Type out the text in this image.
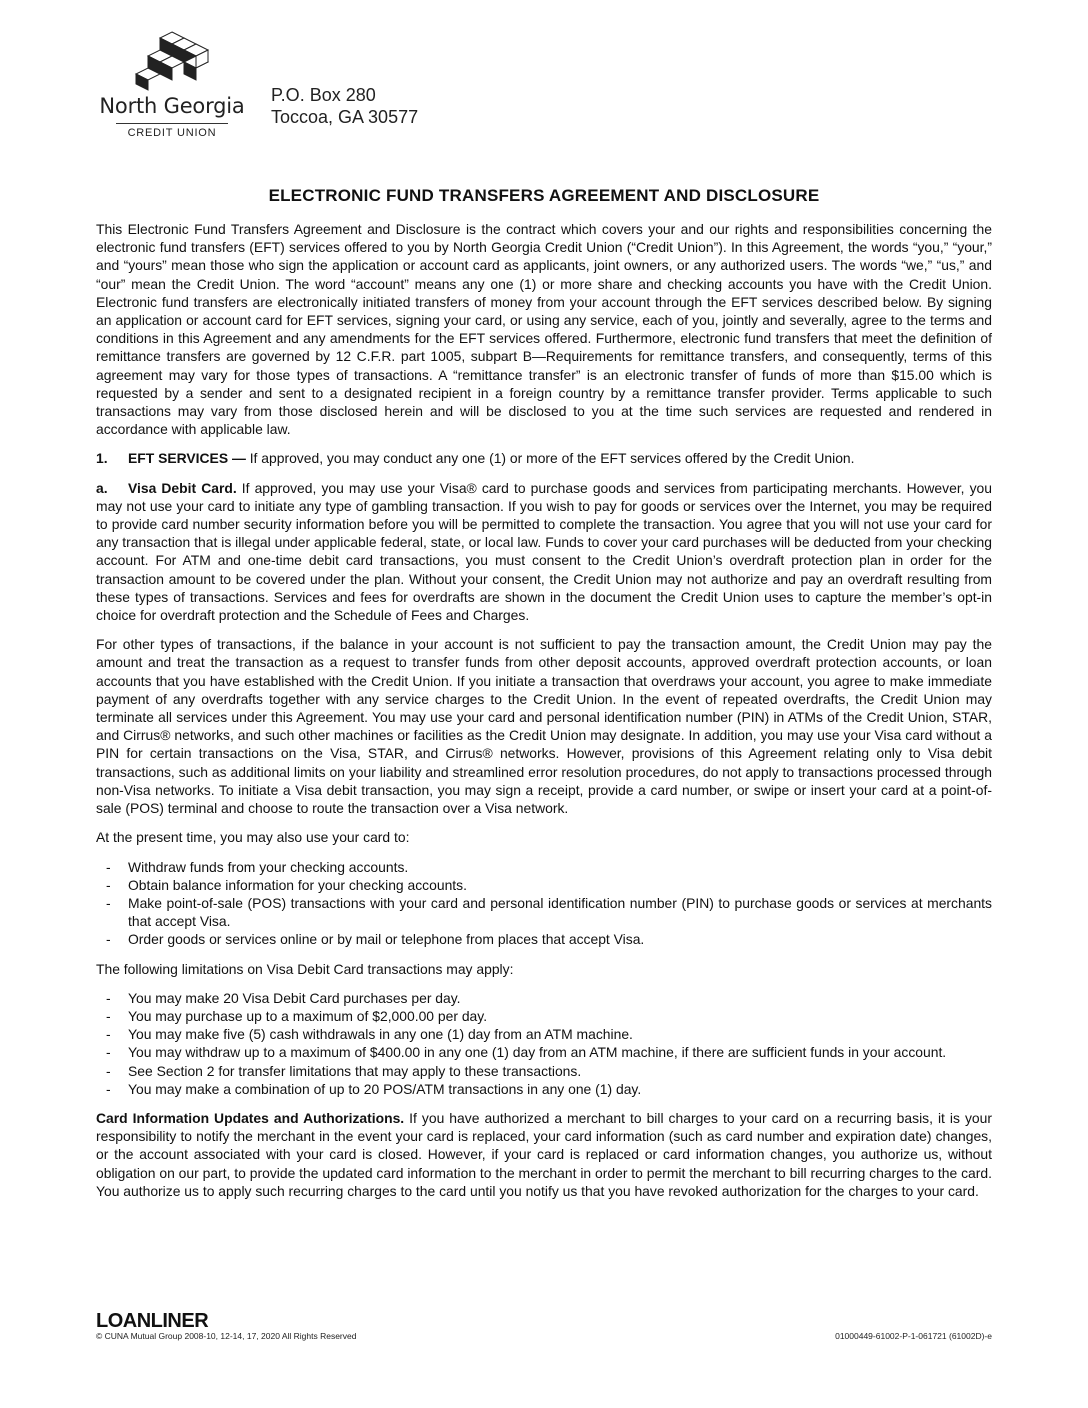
North Georgia
CREDIT UNION
P.O. Box 280
Toccoa, GA 30577
ELECTRONIC FUND TRANSFERS AGREEMENT AND DISCLOSURE

This Electronic Fund Transfers Agreement and Disclosure is the contract which covers your and our rights and responsibilities concerning the electronic fund transfers (EFT) services offered to you by North Georgia Credit Union (“Credit Union”). In this Agreement, the words “you,” “your,” and “yours” mean those who sign the application or account card as applicants, joint owners, or any authorized users. The words “we,” “us,” and “our” mean the Credit Union. The word “account” means any one (1) or more share and checking accounts you have with the Credit Union. Electronic fund transfers are electronically initiated transfers of money from your account through the EFT services described below. By signing an application or account card for EFT services, signing your card, or using any service, each of you, jointly and severally, agree to the terms and conditions in this Agreement and any amendments for the EFT services offered. Furthermore, electronic fund transfers that meet the definition of remittance transfers are governed by 12 C.F.R. part 1005, subpart B—Requirements for remittance transfers, and consequently, terms of this agreement may vary for those types of transactions. A “remittance transfer” is an electronic transfer of funds of more than $15.00 which is requested by a sender and sent to a designated recipient in a foreign country by a remittance transfer provider. Terms applicable to such transactions may vary from those disclosed herein and will be disclosed to you at the time such services are requested and rendered in accordance with applicable law.

1. EFT SERVICES — If approved, you may conduct any one (1) or more of the EFT services offered by the Credit Union.

a. Visa Debit Card. If approved, you may use your Visa® card to purchase goods and services from participating merchants. However, you may not use your card to initiate any type of gambling transaction. If you wish to pay for goods or services over the Internet, you may be required to provide card number security information before you will be permitted to complete the transaction. You agree that you will not use your card for any transaction that is illegal under applicable federal, state, or local law. Funds to cover your card purchases will be deducted from your checking account. For ATM and one-time debit card transactions, you must consent to the Credit Union’s overdraft protection plan in order for the transaction amount to be covered under the plan. Without your consent, the Credit Union may not authorize and pay an overdraft resulting from these types of transactions. Services and fees for overdrafts are shown in the document the Credit Union uses to capture the member’s opt-in choice for overdraft protection and the Schedule of Fees and Charges.

For other types of transactions, if the balance in your account is not sufficient to pay the transaction amount, the Credit Union may pay the amount and treat the transaction as a request to transfer funds from other deposit accounts, approved overdraft protection accounts, or loan accounts that you have established with the Credit Union. If you initiate a transaction that overdraws your account, you agree to make immediate payment of any overdrafts together with any service charges to the Credit Union. In the event of repeated overdrafts, the Credit Union may terminate all services under this Agreement. You may use your card and personal identification number (PIN) in ATMs of the Credit Union, STAR, and Cirrus® networks, and such other machines or facilities as the Credit Union may designate. In addition, you may use your Visa card without a PIN for certain transactions on the Visa, STAR, and Cirrus® networks. However, provisions of this Agreement relating only to Visa debit transactions, such as additional limits on your liability and streamlined error resolution procedures, do not apply to transactions processed through non-Visa networks. To initiate a Visa debit transaction, you may sign a receipt, provide a card number, or swipe or insert your card at a point-of-sale (POS) terminal and choose to route the transaction over a Visa network.

At the present time, you may also use your card to:

- Withdraw funds from your checking accounts.
- Obtain balance information for your checking accounts.
- Make point-of-sale (POS) transactions with your card and personal identification number (PIN) to purchase goods or services at merchants that accept Visa.
- Order goods or services online or by mail or telephone from places that accept Visa.

The following limitations on Visa Debit Card transactions may apply:

- You may make 20 Visa Debit Card purchases per day.
- You may purchase up to a maximum of $2,000.00 per day.
- You may make five (5) cash withdrawals in any one (1) day from an ATM machine.
- You may withdraw up to a maximum of $400.00 in any one (1) day from an ATM machine, if there are sufficient funds in your account.
- See Section 2 for transfer limitations that may apply to these transactions.
- You may make a combination of up to 20 POS/ATM transactions in any one (1) day.

Card Information Updates and Authorizations. If you have authorized a merchant to bill charges to your card on a recurring basis, it is your responsibility to notify the merchant in the event your card is replaced, your card information (such as card number and expiration date) changes, or the account associated with your card is closed. However, if your card is replaced or card information changes, you authorize us, without obligation on our part, to provide the updated card information to the merchant in order to permit the merchant to bill recurring charges to the card. You authorize us to apply such recurring charges to the card until you notify us that you have revoked authorization for the charges to your card.

LOANLINER
© CUNA Mutual Group 2008-10, 12-14, 17, 2020 All Rights Reserved	01000449-61002-P-1-061721 (61002D)-e
